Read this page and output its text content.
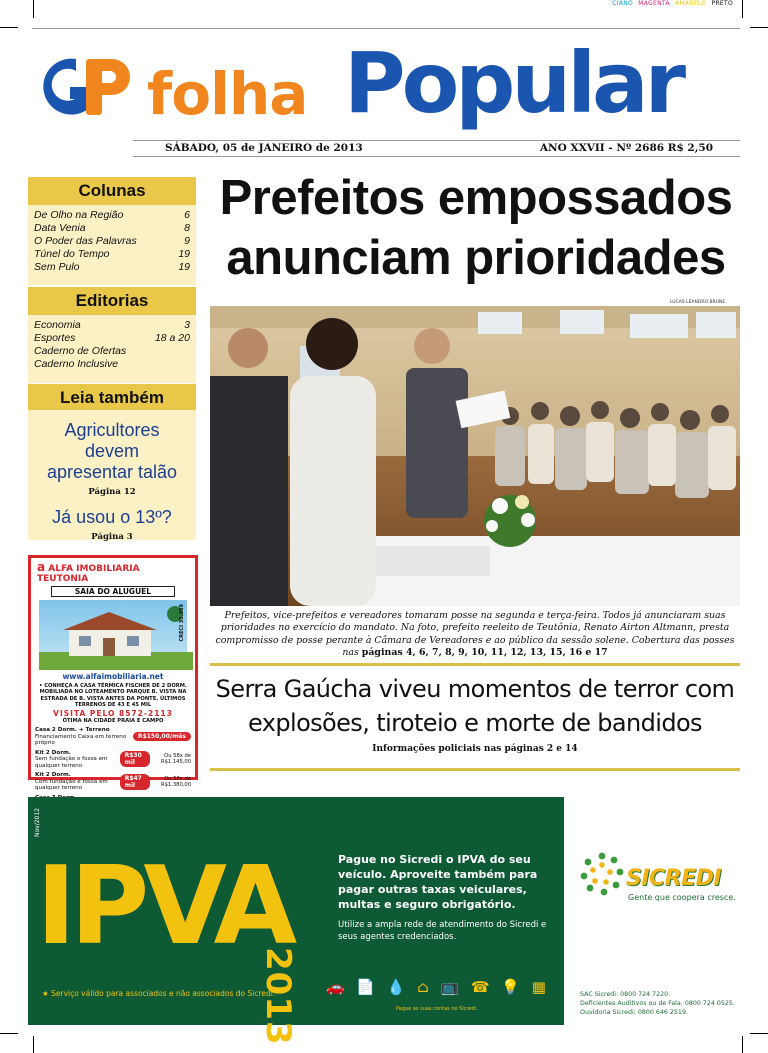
CIANO MAGENTA AMARELO PRETO
folha Popular
SÁBADO, 05 de JANEIRO de 2013	ANO XXVII - Nº 2686 R$ 2,50
Colunas
De Olho na Região	6
Data Venia	8
O Poder das Palavras	9
Túnel do Tempo	19
Sem Pulo	19
Editorias
Economia	3
Esportes	18 a 20
Caderno de Ofertas
Caderno Inclusive
Leia também
Agricultores devem apresentar talão
Página 12
Já usou o 13º?
Página 3
a ALFA IMOBILIARIA TEUTONIA
SAIA DO ALUGUEL
CRECI 35.369
www.alfaimobiliaria.net
• CONHEÇA A CASA TÉRMICA FISCHER DE 2 DORM. MOBILIADA NO LOTEAMENTO PARQUE B. VISTA NA ESTRADA DE B. VISTA ANTES DA PONTE. ÚLTIMOS TERRENOS DE 43 E 45 MIL
VISITA PELO 8572-2113
ÓTIMA NA CIDADE PRAIA E CAMPO
Casa 2 Dorm. + Terreno
Financiamento Caixa em terreno próprio
R$150,00/mês
Kit 2 Dorm.
Sem fundação e fossa em qualquer terreno
R$30 mil
Ou 58x de R$1.145,00
Kit 2 Dorm.
Com fundação e fossa em qualquer terreno
R$47 mil
Ou 58x de R$1.380,00
Prefeitos empossados anunciam prioridades
LUCAS LEANDRO BRUNE
Prefeitos, vice-prefeitos e vereadores tomaram posse na segunda e terça-feira. Todos já anunciaram suas prioridades no exercício do mandato. Na foto, prefeito reeleito de Teutônia, Renato Airton Altmann, presta compromisso de posse perante à Câmara de Vereadores e ao público da sessão solene. Cobertura das posses nas páginas 4, 6, 7, 8, 9, 10, 11, 12, 13, 15, 16 e 17
Serra Gaúcha viveu momentos de terror com explosões, tiroteio e morte de bandidos
Informações policiais nas páginas 2 e 14
Nov/2012
IPVA
2013
Pague no Sicredi o IPVA do seu veículo. Aproveite também para pagar outras taxas veiculares, multas e seguro obrigatório.
Utilize a ampla rede de atendimento do Sicredi e seus agentes credenciados.
★ Serviço válido para associados e não associados do Sicredi.	🚗 📄 💧 ⌂ 📺 ☎ 💡 ▦
Pague as suas contas no Sicredi.
SICREDI
Gente que coopera cresce.
SAC Sicredi: 0800 724 7220.
Deficientes Auditivos ou de Fala: 0800 724 0525.
Ouvidoria Sicredi: 0800 646 2519.
